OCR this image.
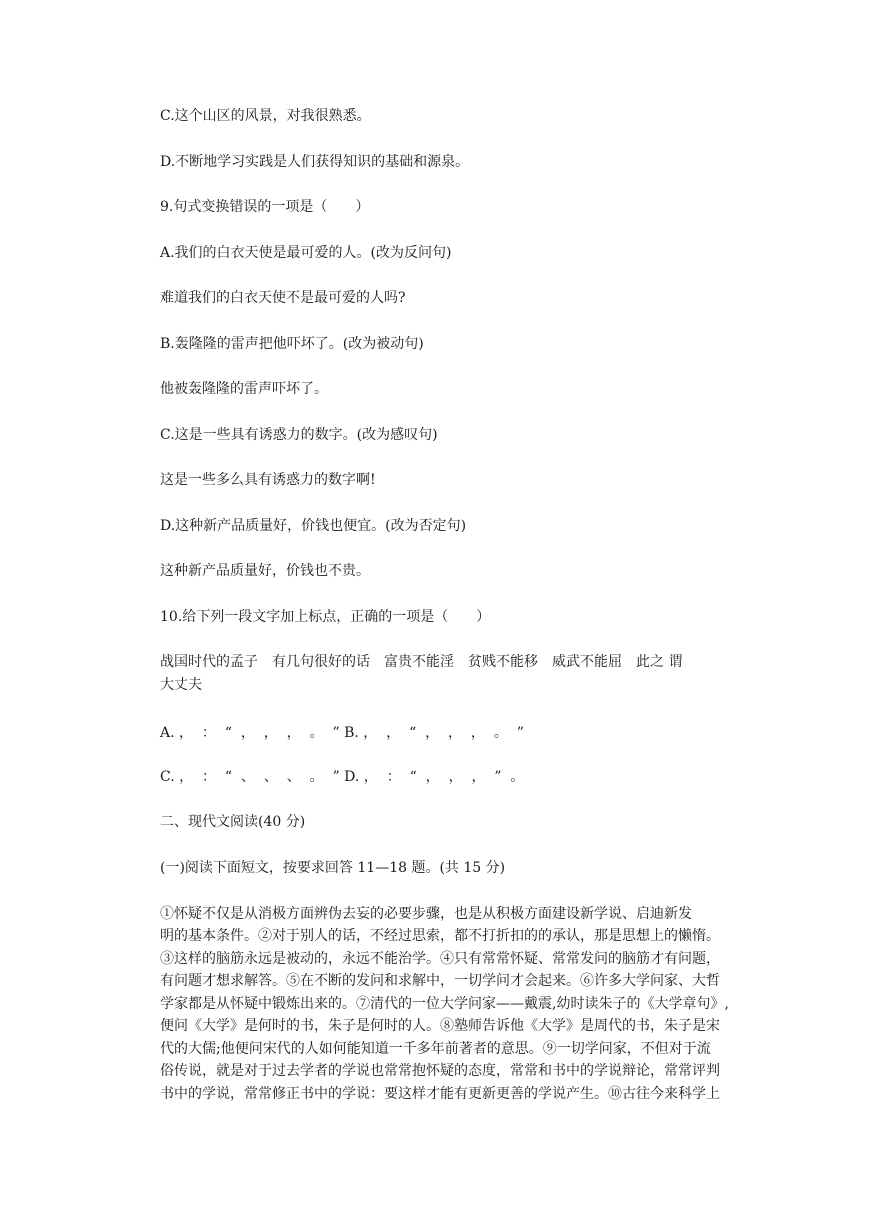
C.这个山区的风景，对我很熟悉。
D.不断地学习实践是人们获得知识的基础和源泉。
9.句式变换错误的一项是（　　）
A.我们的白衣天使是最可爱的人。(改为反问句)
难道我们的白衣天使不是最可爱的人吗?
B.轰隆隆的雷声把他吓坏了。(改为被动句)
他被轰隆隆的雷声吓坏了。
C.这是一些具有诱惑力的数字。(改为感叹句)
这是一些多么具有诱惑力的数字啊!
D.这种新产品质量好，价钱也便宜。(改为否定句)
这种新产品质量好，价钱也不贵。
10.给下列一段文字加上标点，正确的一项是（　　）
战国时代的孟子　有几句很好的话　富贵不能淫　贫贱不能移　威武不能屈　此之 谓
大丈夫
A. ，  ：  “  ，  ，  ，  。  ” B. ，  ，  “  ，  ，  ，  。  ”
C. ，  ：  “  、  、  、  。  ” D. ，  ：  “  ，  ，  ，  ”  。
二、现代文阅读(40 分)
(一)阅读下面短文，按要求回答 11—18 题。(共 15 分)
①怀疑不仅是从消极方面辨伪去妄的必要步骤，也是从积极方面建设新学说、启迪新发
明的基本条件。②对于别人的话，不经过思索，都不打折扣的的承认，那是思想上的懒惰。
③这样的脑筋永远是被动的，永远不能治学。④只有常常怀疑、常常发问的脑筋才有问题，
有问题才想求解答。⑤在不断的发问和求解中，一切学问才会起来。⑥许多大学问家、大哲
学家都是从怀疑中锻炼出来的。⑦清代的一位大学问家——戴震,幼时读朱子的《大学章句》,
便问《大学》是何时的书，朱子是何时的人。⑧塾师告诉他《大学》是周代的书，朱子是宋
代的大儒;他便问宋代的人如何能知道一千多年前著者的意思。⑨一切学问家，不但对于流
俗传说，就是对于过去学者的学说也常常抱怀疑的态度，常常和书中的学说辩论，常常评判
书中的学说，常常修正书中的学说：要这样才能有更新更善的学说产生。⑩古往今来科学上
